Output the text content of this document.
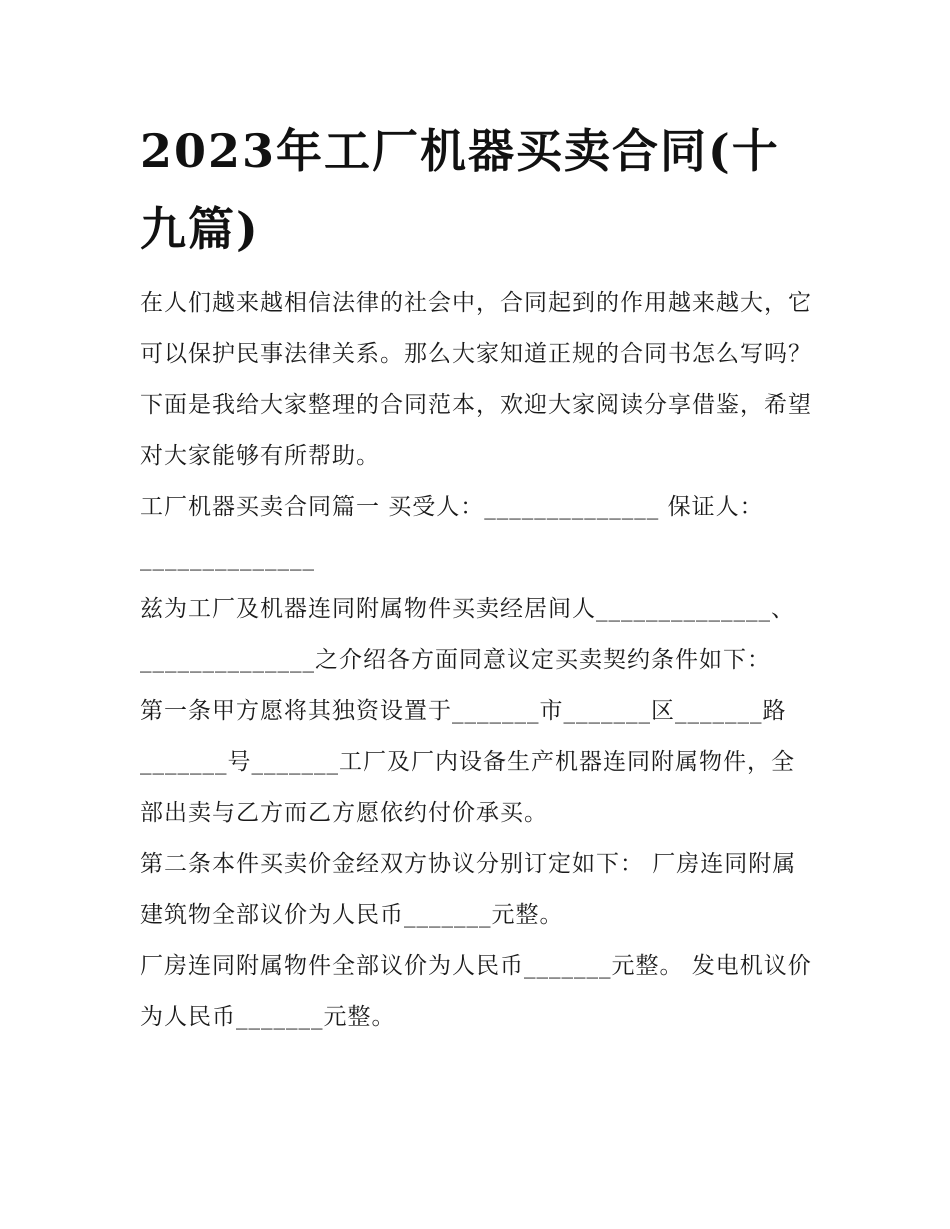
2023年工厂机器买卖合同(十九篇)

在人们越来越相信法律的社会中，合同起到的作用越来越大，它可以保护民事法律关系。那么大家知道正规的合同书怎么写吗？下面是我给大家整理的合同范本，欢迎大家阅读分享借鉴，希望对大家能够有所帮助。

工厂机器买卖合同篇一 买受人：______________ 保证人：______________

兹为工厂及机器连同附属物件买卖经居间人______________、______________之介绍各方面同意议定买卖契约条件如下：

第一条甲方愿将其独资设置于_______市_______区_______路_______号_______工厂及厂内设备生产机器连同附属物件，全部出卖与乙方而乙方愿依约付价承买。

第二条本件买卖价金经双方协议分别订定如下： 厂房连同附属建筑物全部议价为人民币_______元整。

厂房连同附属物件全部议价为人民币_______元整。 发电机议价为人民币_______元整。
